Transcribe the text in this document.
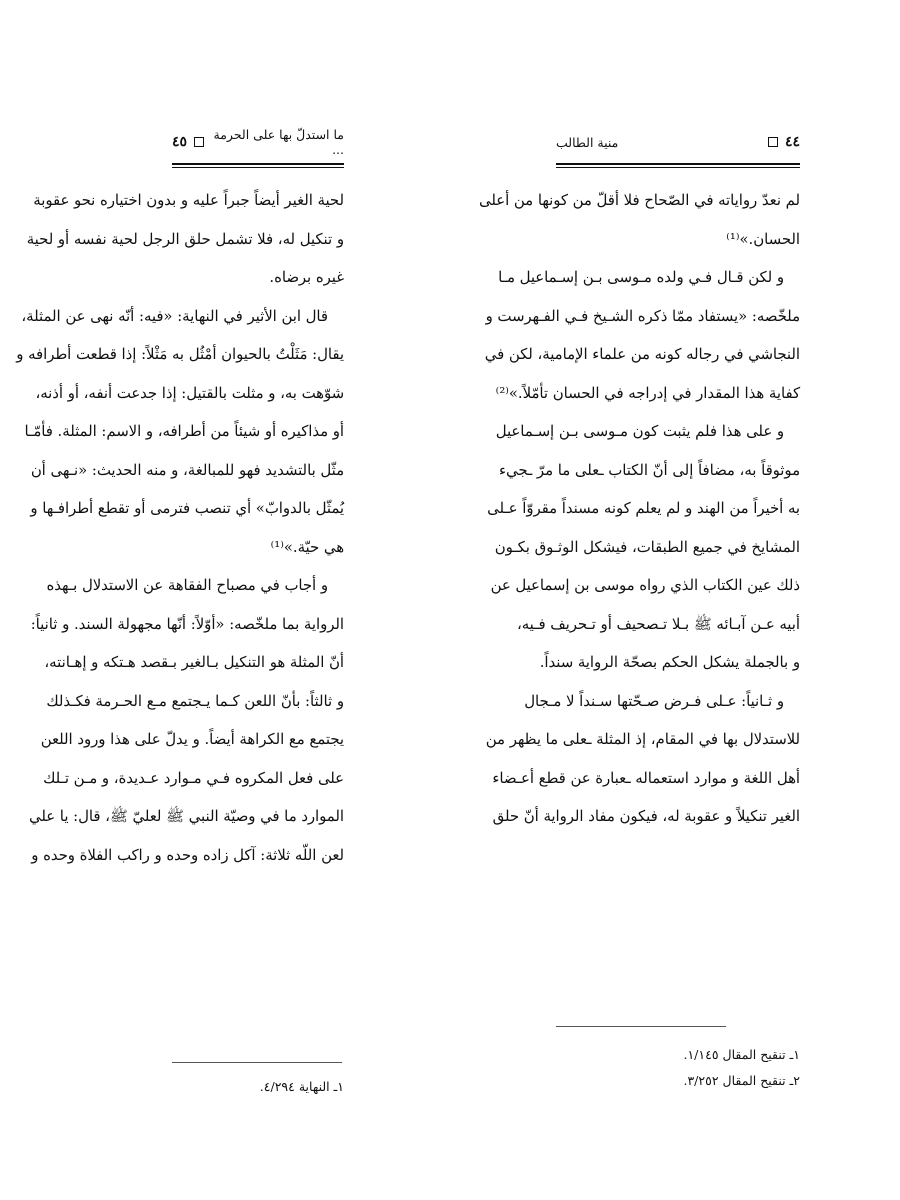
٤٤
منية الطالب
لم نعدّ رواياته في الصّحاح فلا أقلّ من كونها من أعلى
الحسان.»⁽¹⁾
و لكن قـال فـي ولده مـوسى بـن إسـماعيل مـا
ملخّصه: «يستفاد ممّا ذكره الشـيخ فـي الفـهرست و
النجاشي في رجاله كونه من علماء الإمامية، لكن في
كفاية هذا المقدار في إدراجه في الحسان تأمّلاً.»⁽²⁾
و على هذا فلم يثبت كون مـوسى بـن إسـماعيل
موثوقاً به، مضافاً إلى أنّ الكتاب ـعلى ما مرّ ـجيء
به أخيراً من الهند و لم يعلم كونه مسنداً مقروّاً عـلى
المشايخ في جميع الطبقات، فيشكل الوثـوق بكـون
ذلك عين الكتاب الذي رواه موسى بن إسماعيل عن
أبيه عـن آبـائه ﷺ بـلا تـصحيف أو تـحريف فـيه،
و بالجملة يشكل الحكم بصحّة الرواية سنداً.
و ثـانياً: عـلى فـرض صـحّتها سـنداً لا مـجال
للاستدلال بها في المقام، إذ المثلة ـعلى ما يظهر من
أهل اللغة و موارد استعماله ـعبارة عن قطع أعـضاء
الغير تنكيلاً و عقوبة له، فيكون مفاد الرواية أنّ حلق
١ـ تنقيح المقال ١/١٤٥.
٢ـ تنقيح المقال ٣/٢٥٢.
ما استدلّ بها على الحرمة ...
٤٥
لحية الغير أيضاً جبراً عليه و بدون اختياره نحو عقوبة
و تنكيل له، فلا تشمل حلق الرجل لحية نفسه أو لحية
غيره برضاه.
قال ابن الأثير في النهاية: «فيه: أنّه نهى عن المثلة،
يقال: مَثَلْتُ بالحيوان أمْثُل به مَثْلاً: إذا قطعت أطرافه و
شوّهت به، و مثلت بالقتيل: إذا جدعت أنفه، أو أذنه،
أو مذاكيره أو شيئاً من أطرافه، و الاسم: المثلة. فأمّـا
مثّل بالتشديد فهو للمبالغة، و منه الحديث: «نـهى أن
يُمثّل بالدوابّ» أي تنصب فترمى أو تقطع أطرافـها و
هي حيّة.»⁽¹⁾
و أجاب في مصباح الفقاهة عن الاستدلال بـهذه
الرواية بما ملخّصه: «أوّلاً: أنّها مجهولة السند. و ثانياً:
أنّ المثلة هو التنكيل بـالغير بـقصد هـتكه و إهـانته،
و ثالثاً: بأنّ اللعن كـما يـجتمع مـع الحـرمة فكـذلك
يجتمع مع الكراهة أيضاً. و يدلّ على هذا ورود اللعن
على فعل المكروه فـي مـوارد عـديدة، و مـن تـلك
الموارد ما في وصيّة النبي ﷺ لعليّ ﷺ، قال: يا علي
لعن اللّه ثلاثة: آكل زاده وحده و راكب الفلاة وحده و
١ـ النهاية ٤/٢٩٤.
